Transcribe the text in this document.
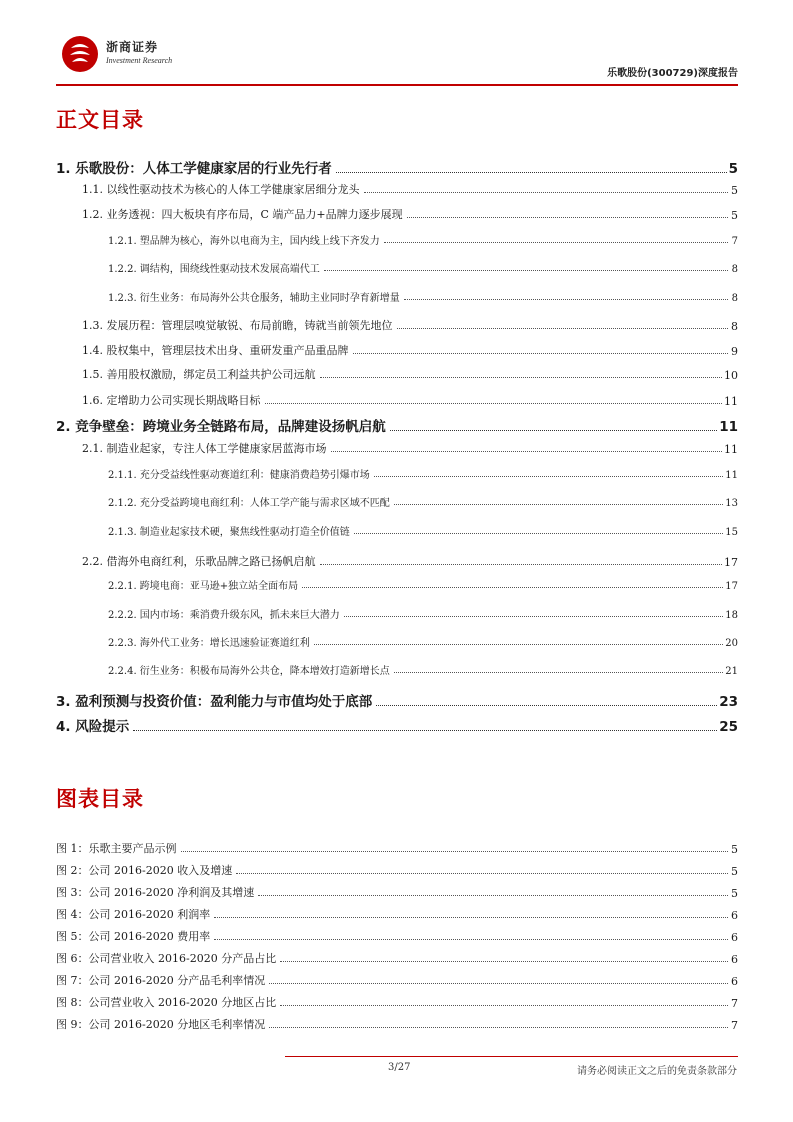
浙商证券
Investment Research
乐歌股份(300729)深度报告
正文目录
1. 乐歌股份：人体工学健康家居的行业先行者	5
1.1. 以线性驱动技术为核心的人体工学健康家居细分龙头	5
1.2. 业务透视：四大板块有序布局，C 端产品力+品牌力逐步展现	5
1.2.1. 塑品牌为核心，海外以电商为主，国内线上线下齐发力	7
1.2.2. 调结构，围绕线性驱动技术发展高端代工	8
1.2.3. 衍生业务：布局海外公共仓服务，辅助主业同时孕育新增量	8
1.3. 发展历程：管理层嗅觉敏锐、布局前瞻，铸就当前领先地位	8
1.4. 股权集中，管理层技术出身、重研发重产品重品牌	9
1.5. 善用股权激励，绑定员工利益共护公司远航	10
1.6. 定增助力公司实现长期战略目标	11
2. 竞争壁垒：跨境业务全链路布局，品牌建设扬帆启航	11
2.1. 制造业起家，专注人体工学健康家居蓝海市场	11
2.1.1. 充分受益线性驱动赛道红利：健康消费趋势引爆市场	11
2.1.2. 充分受益跨境电商红利：人体工学产能与需求区域不匹配	13
2.1.3. 制造业起家技术硬，聚焦线性驱动打造全价值链	15
2.2. 借海外电商红利，乐歌品牌之路已扬帆启航	17
2.2.1. 跨境电商：亚马逊+独立站全面布局	17
2.2.2. 国内市场：乘消费升级东风，抓未来巨大潜力	18
2.2.3. 海外代工业务：增长迅速验证赛道红利	20
2.2.4. 衍生业务：积极布局海外公共仓，降本增效打造新增长点	21
3. 盈利预测与投资价值：盈利能力与市值均处于底部	23
4. 风险提示	25
图表目录
图 1：乐歌主要产品示例	5
图 2：公司 2016-2020 收入及增速	5
图 3：公司 2016-2020 净利润及其增速	5
图 4：公司 2016-2020 利润率	6
图 5：公司 2016-2020 费用率	6
图 6：公司营业收入 2016-2020 分产品占比	6
图 7：公司 2016-2020 分产品毛利率情况	6
图 8：公司营业收入 2016-2020 分地区占比	7
图 9：公司 2016-2020 分地区毛利率情况	7
3/27	请务必阅读正文之后的免责条款部分
